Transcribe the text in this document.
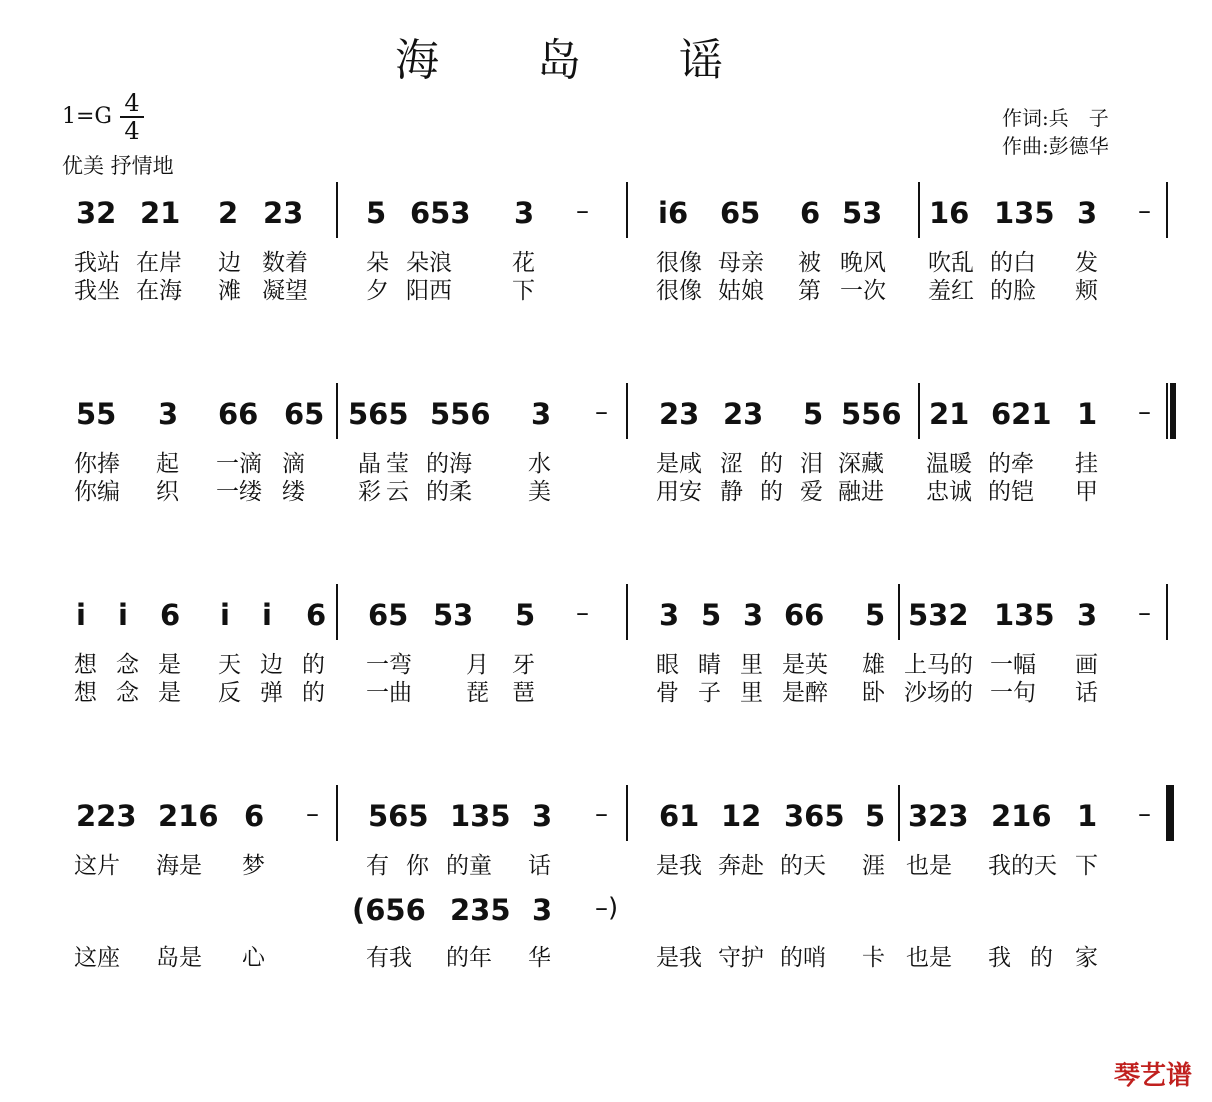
海 岛 谣
1=G 4
4
优美 抒情地
作词:兵　子
作曲:彭德华
32 21 2 23 5 653 3 – i6 65 6 53 16 135 3 –
我站 在岸 边 数着	朵 朵浪	花	很像 母亲 被 晚风 吹乱 的白 发
我坐 在海 滩 凝望	夕 阳西	下	很像 姑娘 第 一次 羞红 的脸 颊
55 3 66 65 565 556 3 – 23 23 5 556 21 621 1 –
你捧 起 一滴 滴 晶 莹 的海 水	是咸 涩 的 泪 深藏 温暖 的牵 挂
你编 织 一缕 缕 彩 云 的柔 美	用安 静 的 爱 融进 忠诚 的铠 甲
i i 6 i i 6 65 53 5 – 3 5 3 66 5 532 135 3 –
想 念 是 天 边 的 一弯 月 牙	眼 睛 里 是英 雄 上马的 一幅 画
想 念 是 反 弹 的 一曲 琵 琶	骨 子 里 是醉 卧 沙场的 一句 话
223 216 6 – 565 135 3 – 61 12 365 5 323 216 1 –
这片 海是 梦	有 你 的童 话	是我 奔赴 的天 涯 也是 我的天 下
这座 岛是 心	有我 的年 华	是我 守护 的哨 卡 也是 我 的 家
(656 235 3 –)
琴艺谱
